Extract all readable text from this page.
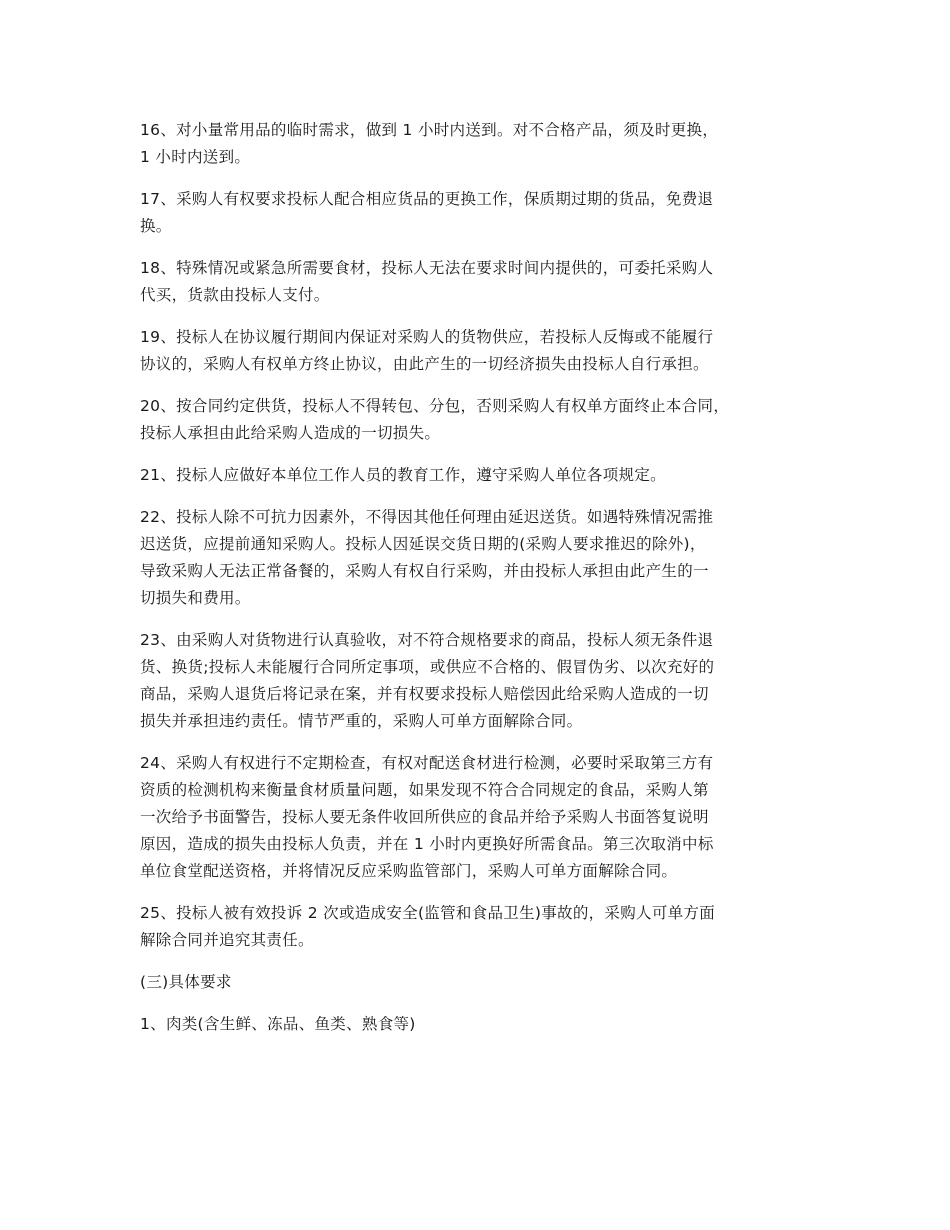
16、对小量常用品的临时需求，做到 1 小时内送到。对不合格产品，须及时更换，
1 小时内送到。

17、采购人有权要求投标人配合相应货品的更换工作，保质期过期的货品，免费退
换。

18、特殊情况或紧急所需要食材，投标人无法在要求时间内提供的，可委托采购人
代买，货款由投标人支付。

19、投标人在协议履行期间内保证对采购人的货物供应，若投标人反悔或不能履行
协议的，采购人有权单方终止协议，由此产生的一切经济损失由投标人自行承担。

20、按合同约定供货，投标人不得转包、分包，否则采购人有权单方面终止本合同，
投标人承担由此给采购人造成的一切损失。

21、投标人应做好本单位工作人员的教育工作，遵守采购人单位各项规定。

22、投标人除不可抗力因素外，不得因其他任何理由延迟送货。如遇特殊情况需推
迟送货，应提前通知采购人。投标人因延误交货日期的(采购人要求推迟的除外)，
导致采购人无法正常备餐的，采购人有权自行采购，并由投标人承担由此产生的一
切损失和费用。

23、由采购人对货物进行认真验收，对不符合规格要求的商品，投标人须无条件退
货、换货;投标人未能履行合同所定事项，或供应不合格的、假冒伪劣、以次充好的
商品，采购人退货后将记录在案，并有权要求投标人赔偿因此给采购人造成的一切
损失并承担违约责任。情节严重的，采购人可单方面解除合同。

24、采购人有权进行不定期检查，有权对配送食材进行检测，必要时采取第三方有
资质的检测机构来衡量食材质量问题，如果发现不符合合同规定的食品，采购人第
一次给予书面警告，投标人要无条件收回所供应的食品并给予采购人书面答复说明
原因，造成的损失由投标人负责，并在 1 小时内更换好所需食品。第三次取消中标
单位食堂配送资格，并将情况反应采购监管部门，采购人可单方面解除合同。

25、投标人被有效投诉 2 次或造成安全(监管和食品卫生)事故的，采购人可单方面
解除合同并追究其责任。

(三)具体要求

1、肉类(含生鲜、冻品、鱼类、熟食等)
